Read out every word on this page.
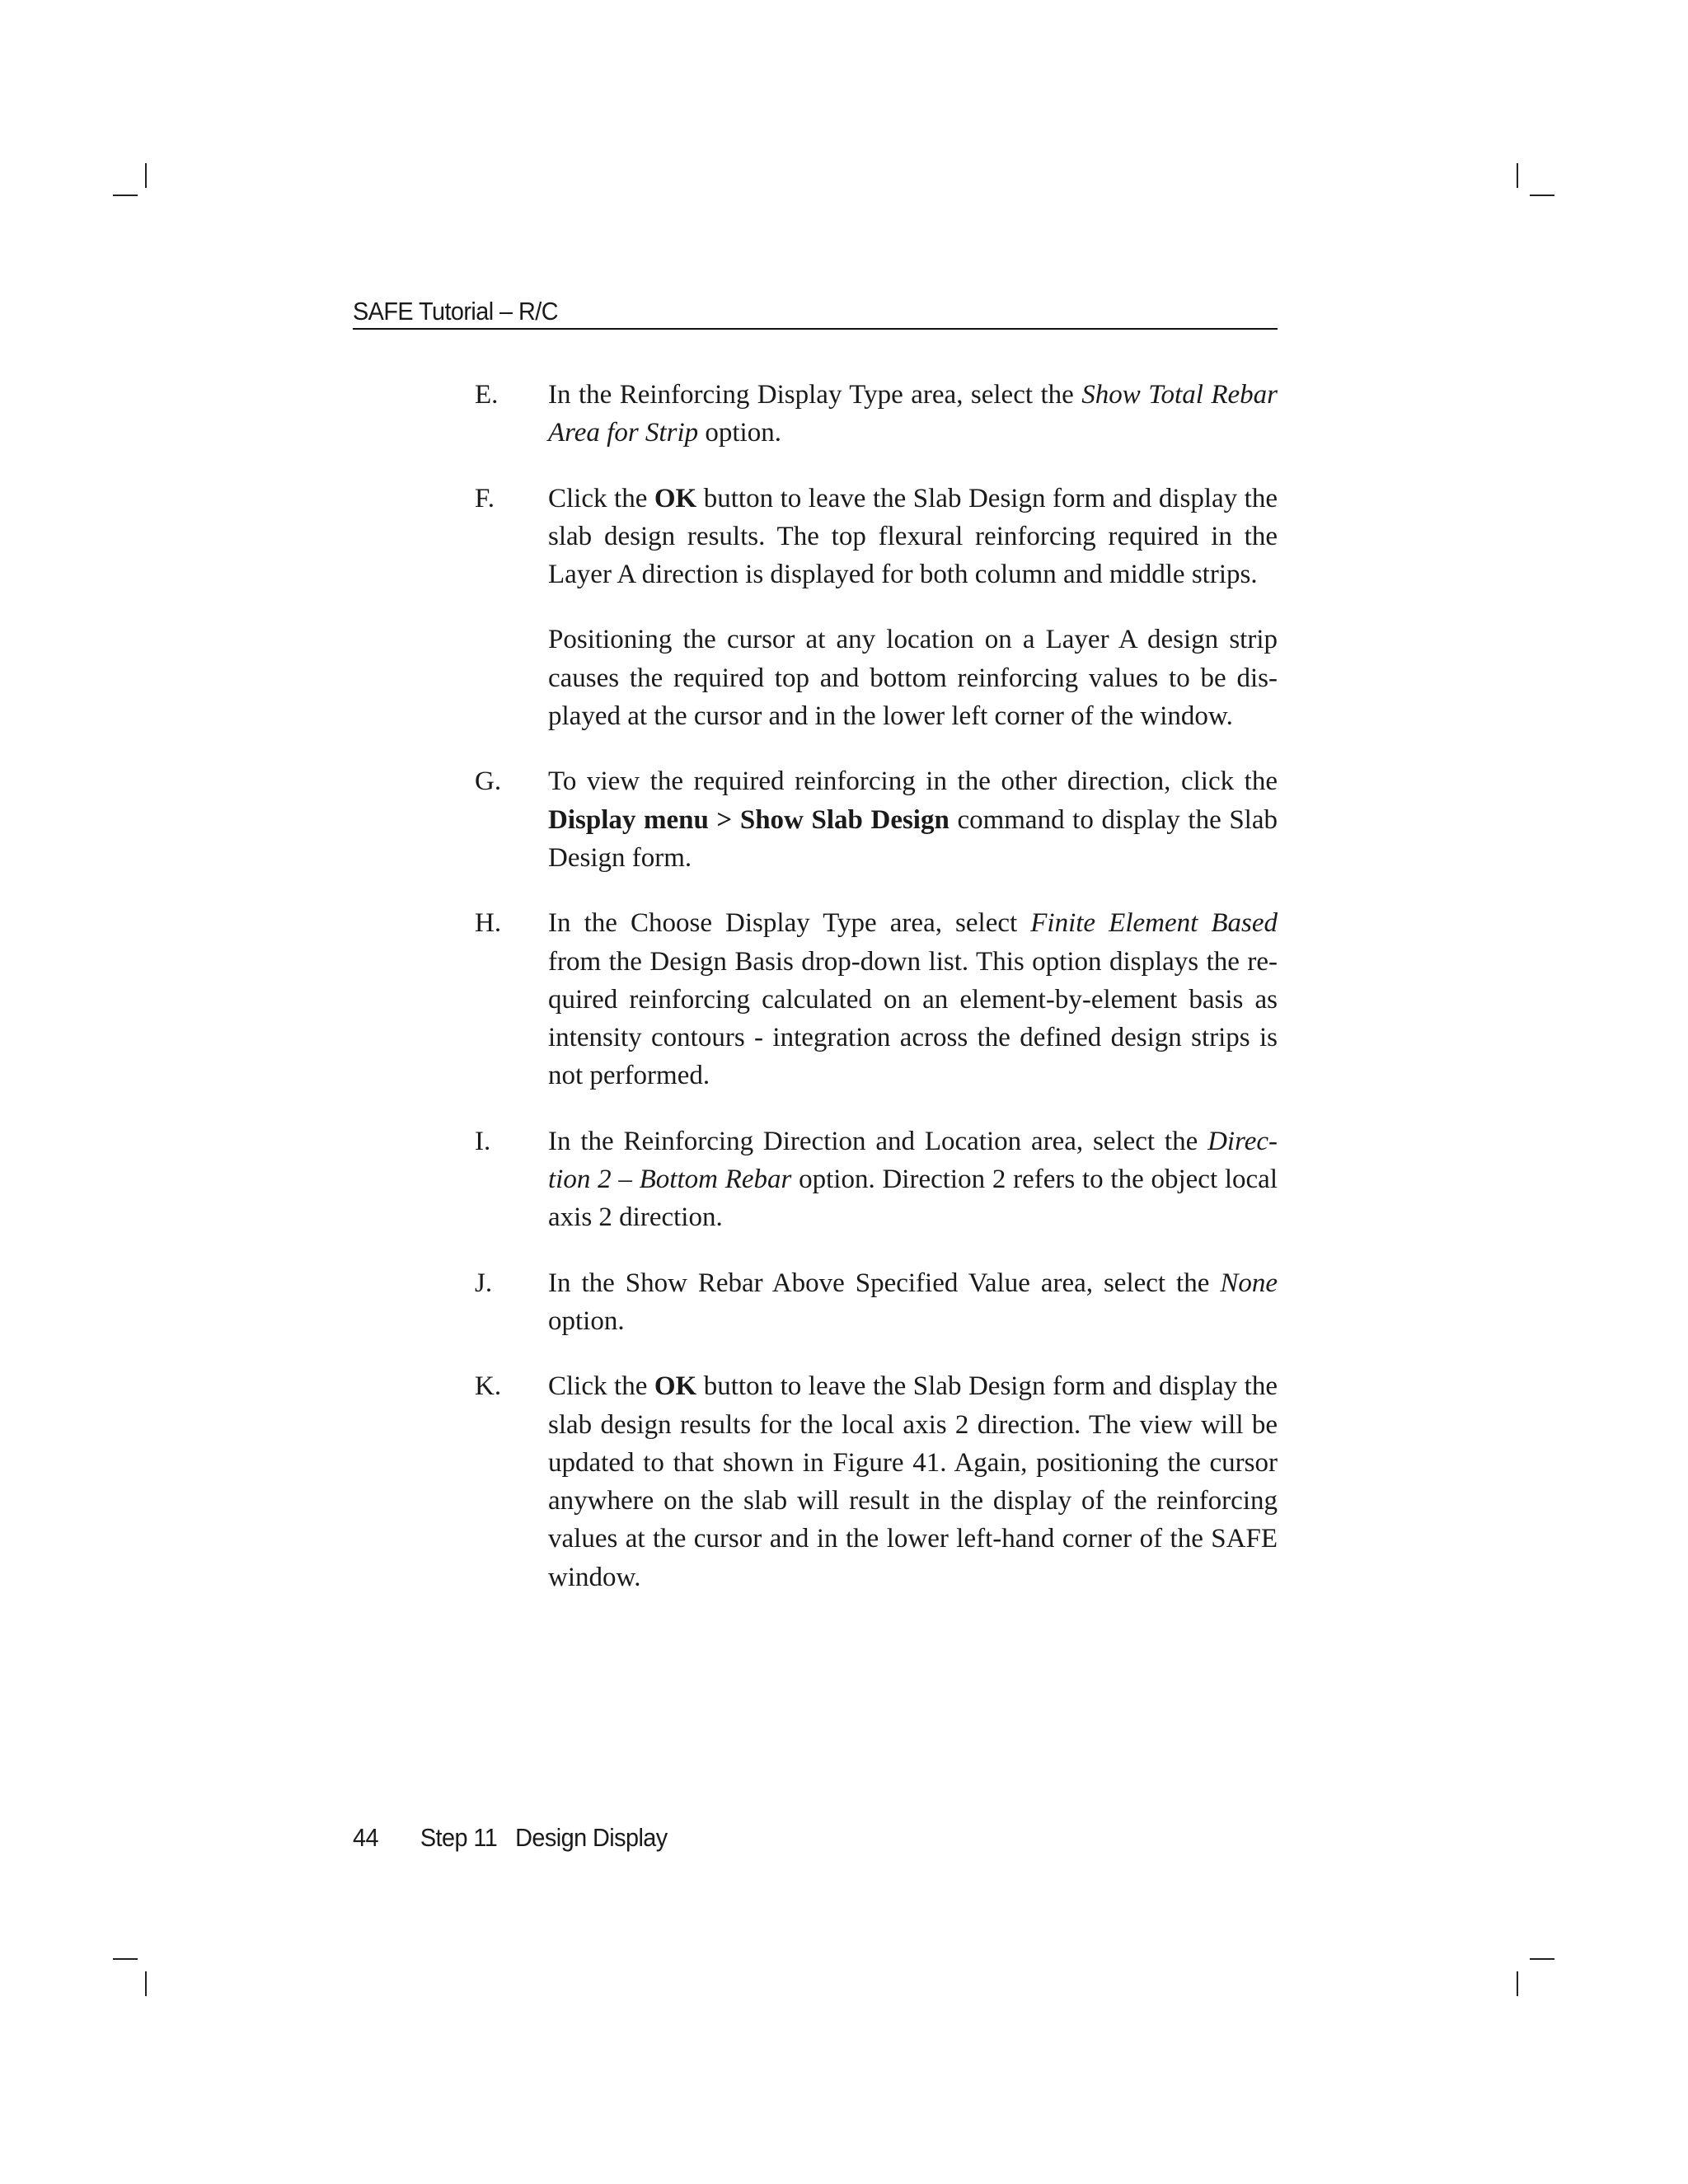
SAFE Tutorial – R/C
E. In the Reinforcing Display Type area, select the Show Total Rebar Area for Strip option.

F. Click the OK button to leave the Slab Design form and display the slab design results. The top flexural reinforcing required in the Layer A direction is displayed for both column and middle strips.

Positioning the cursor at any location on a Layer A design strip causes the required top and bottom reinforcing values to be displayed at the cursor and in the lower left corner of the window.

G. To view the required reinforcing in the other direction, click the Display menu > Show Slab Design command to display the Slab Design form.

H. In the Choose Display Type area, select Finite Element Based from the Design Basis drop-down list. This option displays the required reinforcing calculated on an element-by-element basis as intensity contours - integration across the defined design strips is not performed.

I. In the Reinforcing Direction and Location area, select the Direction 2 – Bottom Rebar option. Direction 2 refers to the object local axis 2 direction.

J. In the Show Rebar Above Specified Value area, select the None option.

K. Click the OK button to leave the Slab Design form and display the slab design results for the local axis 2 direction. The view will be updated to that shown in Figure 41. Again, positioning the cursor anywhere on the slab will result in the display of the reinforcing values at the cursor and in the lower left-hand corner of the SAFE window.

44 Step 11 Design Display
